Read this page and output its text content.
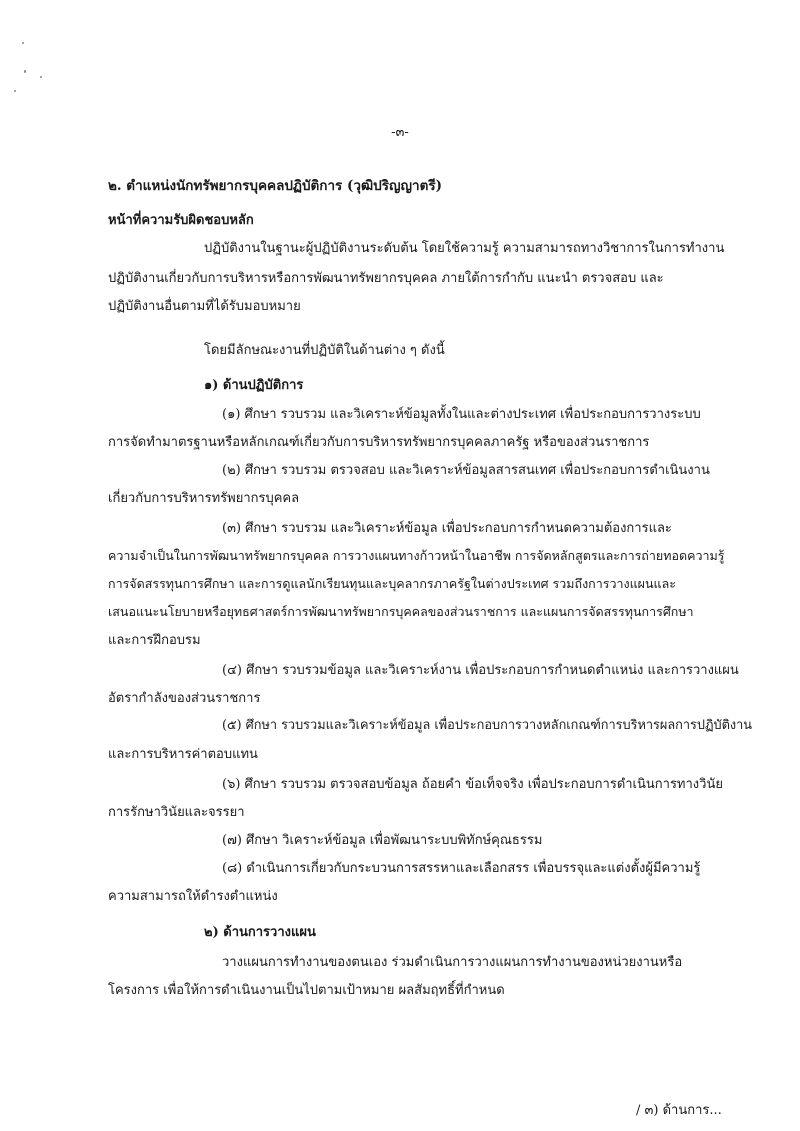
-๓-
๒. ตำแหน่งนักทรัพยากรบุคคลปฏิบัติการ (วุฒิปริญญาตรี)
หน้าที่ความรับผิดชอบหลัก
ปฏิบัติงานในฐานะผู้ปฏิบัติงานระดับต้น โดยใช้ความรู้ ความสามารถทางวิชาการในการทำงาน
ปฏิบัติงานเกี่ยวกับการบริหารหรือการพัฒนาทรัพยากรบุคคล ภายใต้การกำกับ แนะนำ ตรวจสอบ และ
ปฏิบัติงานอื่นตามที่ได้รับมอบหมาย
โดยมีลักษณะงานที่ปฏิบัติในด้านต่าง ๆ ดังนี้
๑) ด้านปฏิบัติการ
(๑) ศึกษา รวบรวม และวิเคราะห์ข้อมูลทั้งในและต่างประเทศ เพื่อประกอบการวางระบบ
การจัดทำมาตรฐานหรือหลักเกณฑ์เกี่ยวกับการบริหารทรัพยากรบุคคลภาครัฐ หรือของส่วนราชการ
(๒) ศึกษา รวบรวม ตรวจสอบ และวิเคราะห์ข้อมูลสารสนเทศ เพื่อประกอบการดำเนินงาน
เกี่ยวกับการบริหารทรัพยากรบุคคล
(๓) ศึกษา รวบรวม และวิเคราะห์ข้อมูล เพื่อประกอบการกำหนดความต้องการและ
ความจำเป็นในการพัฒนาทรัพยากรบุคคล การวางแผนทางก้าวหน้าในอาชีพ การจัดหลักสูตรและการถ่ายทอดความรู้
การจัดสรรทุนการศึกษา และการดูแลนักเรียนทุนและบุคลากรภาครัฐในต่างประเทศ รวมถึงการวางแผนและ
เสนอแนะนโยบายหรือยุทธศาสตร์การพัฒนาทรัพยากรบุคคลของส่วนราชการ และแผนการจัดสรรทุนการศึกษา
และการฝึกอบรม
(๔) ศึกษา รวบรวมข้อมูล และวิเคราะห์งาน เพื่อประกอบการกำหนดตำแหน่ง และการวางแผน
อัตรากำลังของส่วนราชการ
(๕) ศึกษา รวบรวมและวิเคราะห์ข้อมูล เพื่อประกอบการวางหลักเกณฑ์การบริหารผลการปฏิบัติงาน
และการบริหารค่าตอบแทน
(๖) ศึกษา รวบรวม ตรวจสอบข้อมูล ถ้อยคำ ข้อเท็จจริง เพื่อประกอบการดำเนินการทางวินัย
การรักษาวินัยและจรรยา
(๗) ศึกษา วิเคราะห์ข้อมูล เพื่อพัฒนาระบบพิทักษ์คุณธรรม
(๘) ดำเนินการเกี่ยวกับกระบวนการสรรหาและเลือกสรร เพื่อบรรจุและแต่งตั้งผู้มีความรู้
ความสามารถให้ดำรงตำแหน่ง
๒) ด้านการวางแผน
วางแผนการทำงานของตนเอง ร่วมดำเนินการวางแผนการทำงานของหน่วยงานหรือ
โครงการ เพื่อให้การดำเนินงานเป็นไปตามเป้าหมาย ผลสัมฤทธิ์ที่กำหนด
/ ๓) ด้านการ...
